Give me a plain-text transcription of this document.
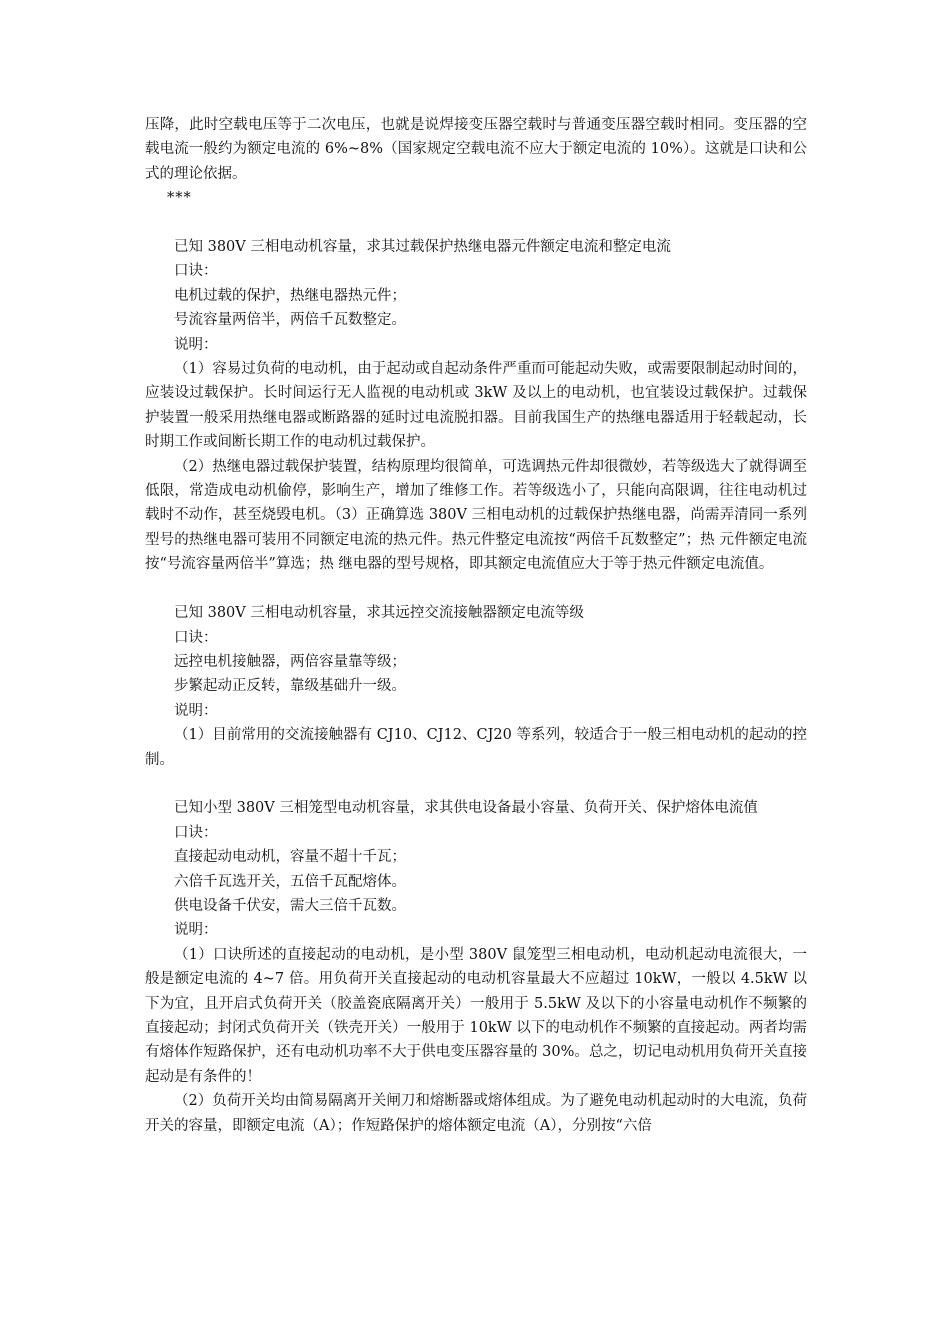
压降，此时空载电压等于二次电压，也就是说焊接变压器空载时与普通变压器空载时相同。变压器的空载电流一般约为额定电流的 6%~8%（国家规定空载电流不应大于额定电流的 10%）。这就是口诀和公式的理论依据。

***

已知 380V 三相电动机容量，求其过载保护热继电器元件额定电流和整定电流

口诀：

电机过载的保护，热继电器热元件；

号流容量两倍半，两倍千瓦数整定。

说明：

（1）容易过负荷的电动机，由于起动或自起动条件严重而可能起动失败，或需要限制起动时间的，应装设过载保护。长时间运行无人监视的电动机或 3kW 及以上的电动机，也宜装设过载保护。过载保护装置一般采用热继电器或断路器的延时过电流脱扣器。目前我国生产的热继电器适用于轻载起动，长时期工作或间断长期工作的电动机过载保护。

（2）热继电器过载保护装置，结构原理均很简单，可选调热元件却很微妙，若等级选大了就得调至低限，常造成电动机偷停，影响生产，增加了维修工作。若等级选小了，只能向高限调，往往电动机过载时不动作，甚至烧毁电机。（3）正确算选 380V 三相电动机的过载保护热继电器，尚需弄清同一系列型号的热继电器可装用不同额定电流的热元件。热元件整定电流按“两倍千瓦数整定”；热 元件额定电流按“号流容量两倍半”算选；热 继电器的型号规格，即其额定电流值应大于等于热元件额定电流值。

已知 380V 三相电动机容量，求其远控交流接触器额定电流等级

口诀：

远控电机接触器，两倍容量靠等级；

步繁起动正反转，靠级基础升一级。

说明：

（1）目前常用的交流接触器有 CJ10、CJ12、CJ20 等系列，较适合于一般三相电动机的起动的控制。

已知小型 380V 三相笼型电动机容量，求其供电设备最小容量、负荷开关、保护熔体电流值

口诀：

直接起动电动机，容量不超十千瓦；

六倍千瓦选开关，五倍千瓦配熔体。

供电设备千伏安，需大三倍千瓦数。

说明：

（1）口诀所述的直接起动的电动机，是小型 380V 鼠笼型三相电动机，电动机起动电流很大，一般是额定电流的 4~7 倍。用负荷开关直接起动的电动机容量最大不应超过 10kW，一般以 4.5kW 以下为宜，且开启式负荷开关（胶盖瓷底隔离开关）一般用于 5.5kW 及以下的小容量电动机作不频繁的直接起动；封闭式负荷开关（铁壳开关）一般用于 10kW 以下的电动机作不频繁的直接起动。两者均需有熔体作短路保护，还有电动机功率不大于供电变压器容量的 30%。总之，切记电动机用负荷开关直接起动是有条件的！

（2）负荷开关均由简易隔离开关闸刀和熔断器或熔体组成。为了避免电动机起动时的大电流，负荷开关的容量，即额定电流（A）；作短路保护的熔体额定电流（A），分别按“六倍
